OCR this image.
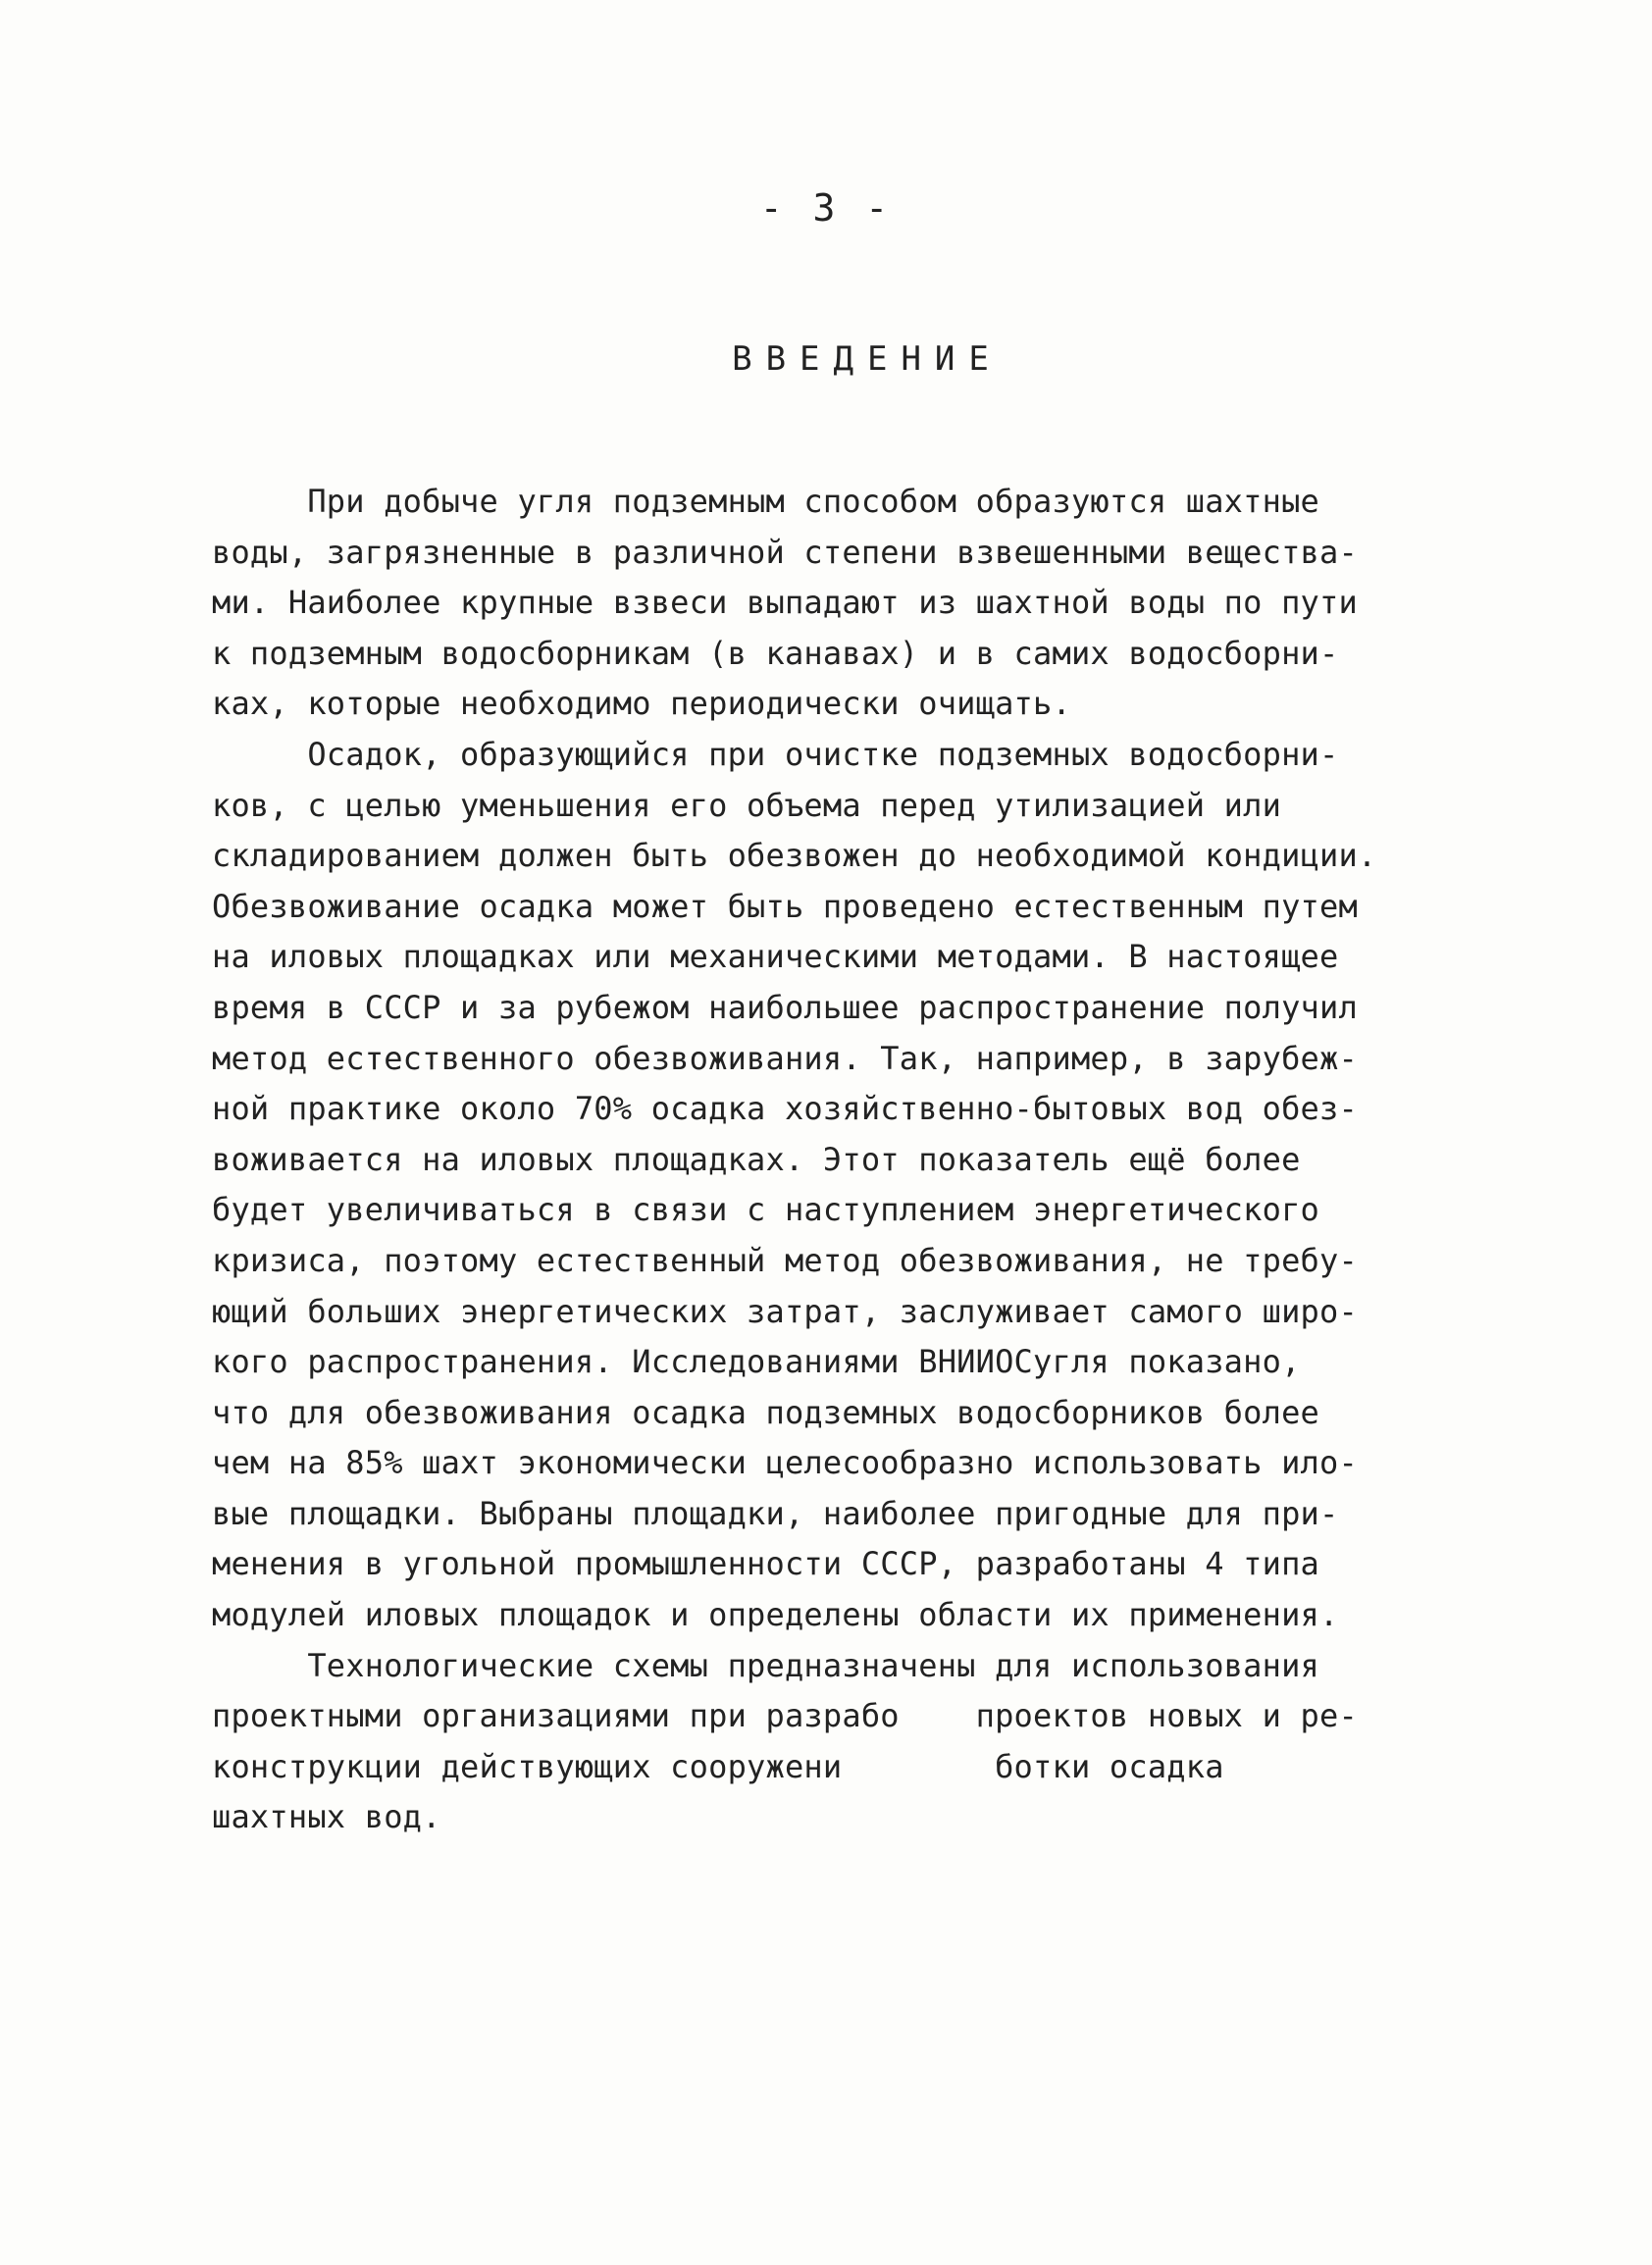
- 3 -
ВВЕДЕНИЕ
При добыче угля подземным способом образуются шахтные
воды, загрязненные в различной степени взвешенными вещества-
ми. Наиболее крупные взвеси выпадают из шахтной воды по пути
к подземным водосборникам (в канавах) и в самих водосборни-
ках, которые необходимо периодически очищать.
Осадок, образующийся при очистке подземных водосборни-
ков, с целью уменьшения его объема перед утилизацией или
складированием должен быть обезвожен до необходимой кондиции.
Обезвоживание осадка может быть проведено естественным путем
на иловых площадках или механическими методами. В настоящее
время в СССР и за рубежом наибольшее распространение получил
метод естественного обезвоживания. Так, например, в зарубеж-
ной практике около 70% осадка хозяйственно-бытовых вод обез-
воживается на иловых площадках. Этот показатель ещё более
будет увеличиваться в связи с наступлением энергетического
кризиса, поэтому естественный метод обезвоживания, не требу-
ющий больших энергетических затрат, заслуживает самого широ-
кого распространения. Исследованиями ВНИИОСугля показано,
что для обезвоживания осадка подземных водосборников более
чем на 85% шахт экономически целесообразно использовать ило-
вые площадки. Выбраны площадки, наиболее пригодные для при-
менения в угольной промышленности СССР, разработаны 4 типа
модулей иловых площадок и определены области их применения.
Технологические схемы предназначены для использования
проектными организациями при разрабо    проектов новых и ре-
конструкции действующих сооружени        ботки осадка
шахтных вод.
